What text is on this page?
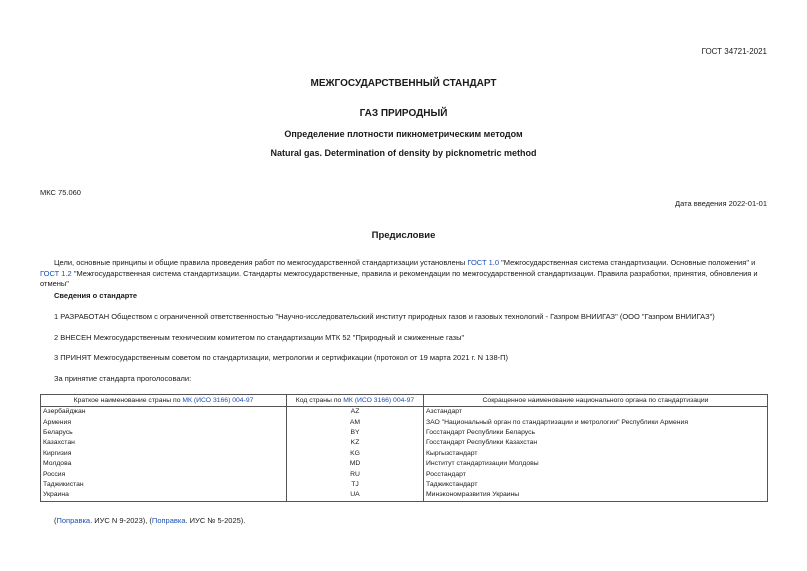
ГОСТ 34721-2021
МЕЖГОСУДАРСТВЕННЫЙ СТАНДАРТ
ГАЗ ПРИРОДНЫЙ
Определение плотности пикнометрическим методом
Natural gas. Determination of density by picknometric method
МКС 75.060
Дата введения 2022-01-01
Предисловие
Цели, основные принципы и общие правила проведения работ по межгосударственной стандартизации установлены ГОСТ 1.0 "Межгосударственная система стандартизации. Основные положения" и ГОСТ 1.2 "Межгосударственная система стандартизации. Стандарты межгосударственные, правила и рекомендации по межгосударственной стандартизации. Правила разработки, принятия, обновления и отмены"
Сведения о стандарте
1 РАЗРАБОТАН Обществом с ограниченной ответственностью "Научно-исследовательский институт природных газов и газовых технологий - Газпром ВНИИГАЗ" (ООО "Газпром ВНИИГАЗ")
2 ВНЕСЕН Межгосударственным техническим комитетом по стандартизации МТК 52 "Природный и сжиженные газы"
3 ПРИНЯТ Межгосударственным советом по стандартизации, метрологии и сертификации (протокол от 19 марта 2021 г. N 138-П)
За принятие стандарта проголосовали:
Краткое наименование страны по МК (ИСО 3166) 004-97	Код страны по МК (ИСО 3166) 004-97	Сокращенное наименование национального органа по стандартизации
Азербайджан	AZ	Азстандарт
Армения	AM	ЗАО "Национальный орган по стандартизации и метрологии" Республики Армения
Беларусь	BY	Госстандарт Республики Беларусь
Казахстан	KZ	Госстандарт Республики Казахстан
Киргизия	KG	Кыргызстандарт
Молдова	MD	Институт стандартизации Молдовы
Россия	RU	Росстандарт
Таджикистан	TJ	Таджикстандарт
Украина	UA	Минэкономразвития Украины
(Поправка. ИУС N 9-2023), (Поправка. ИУС № 5-2025).
